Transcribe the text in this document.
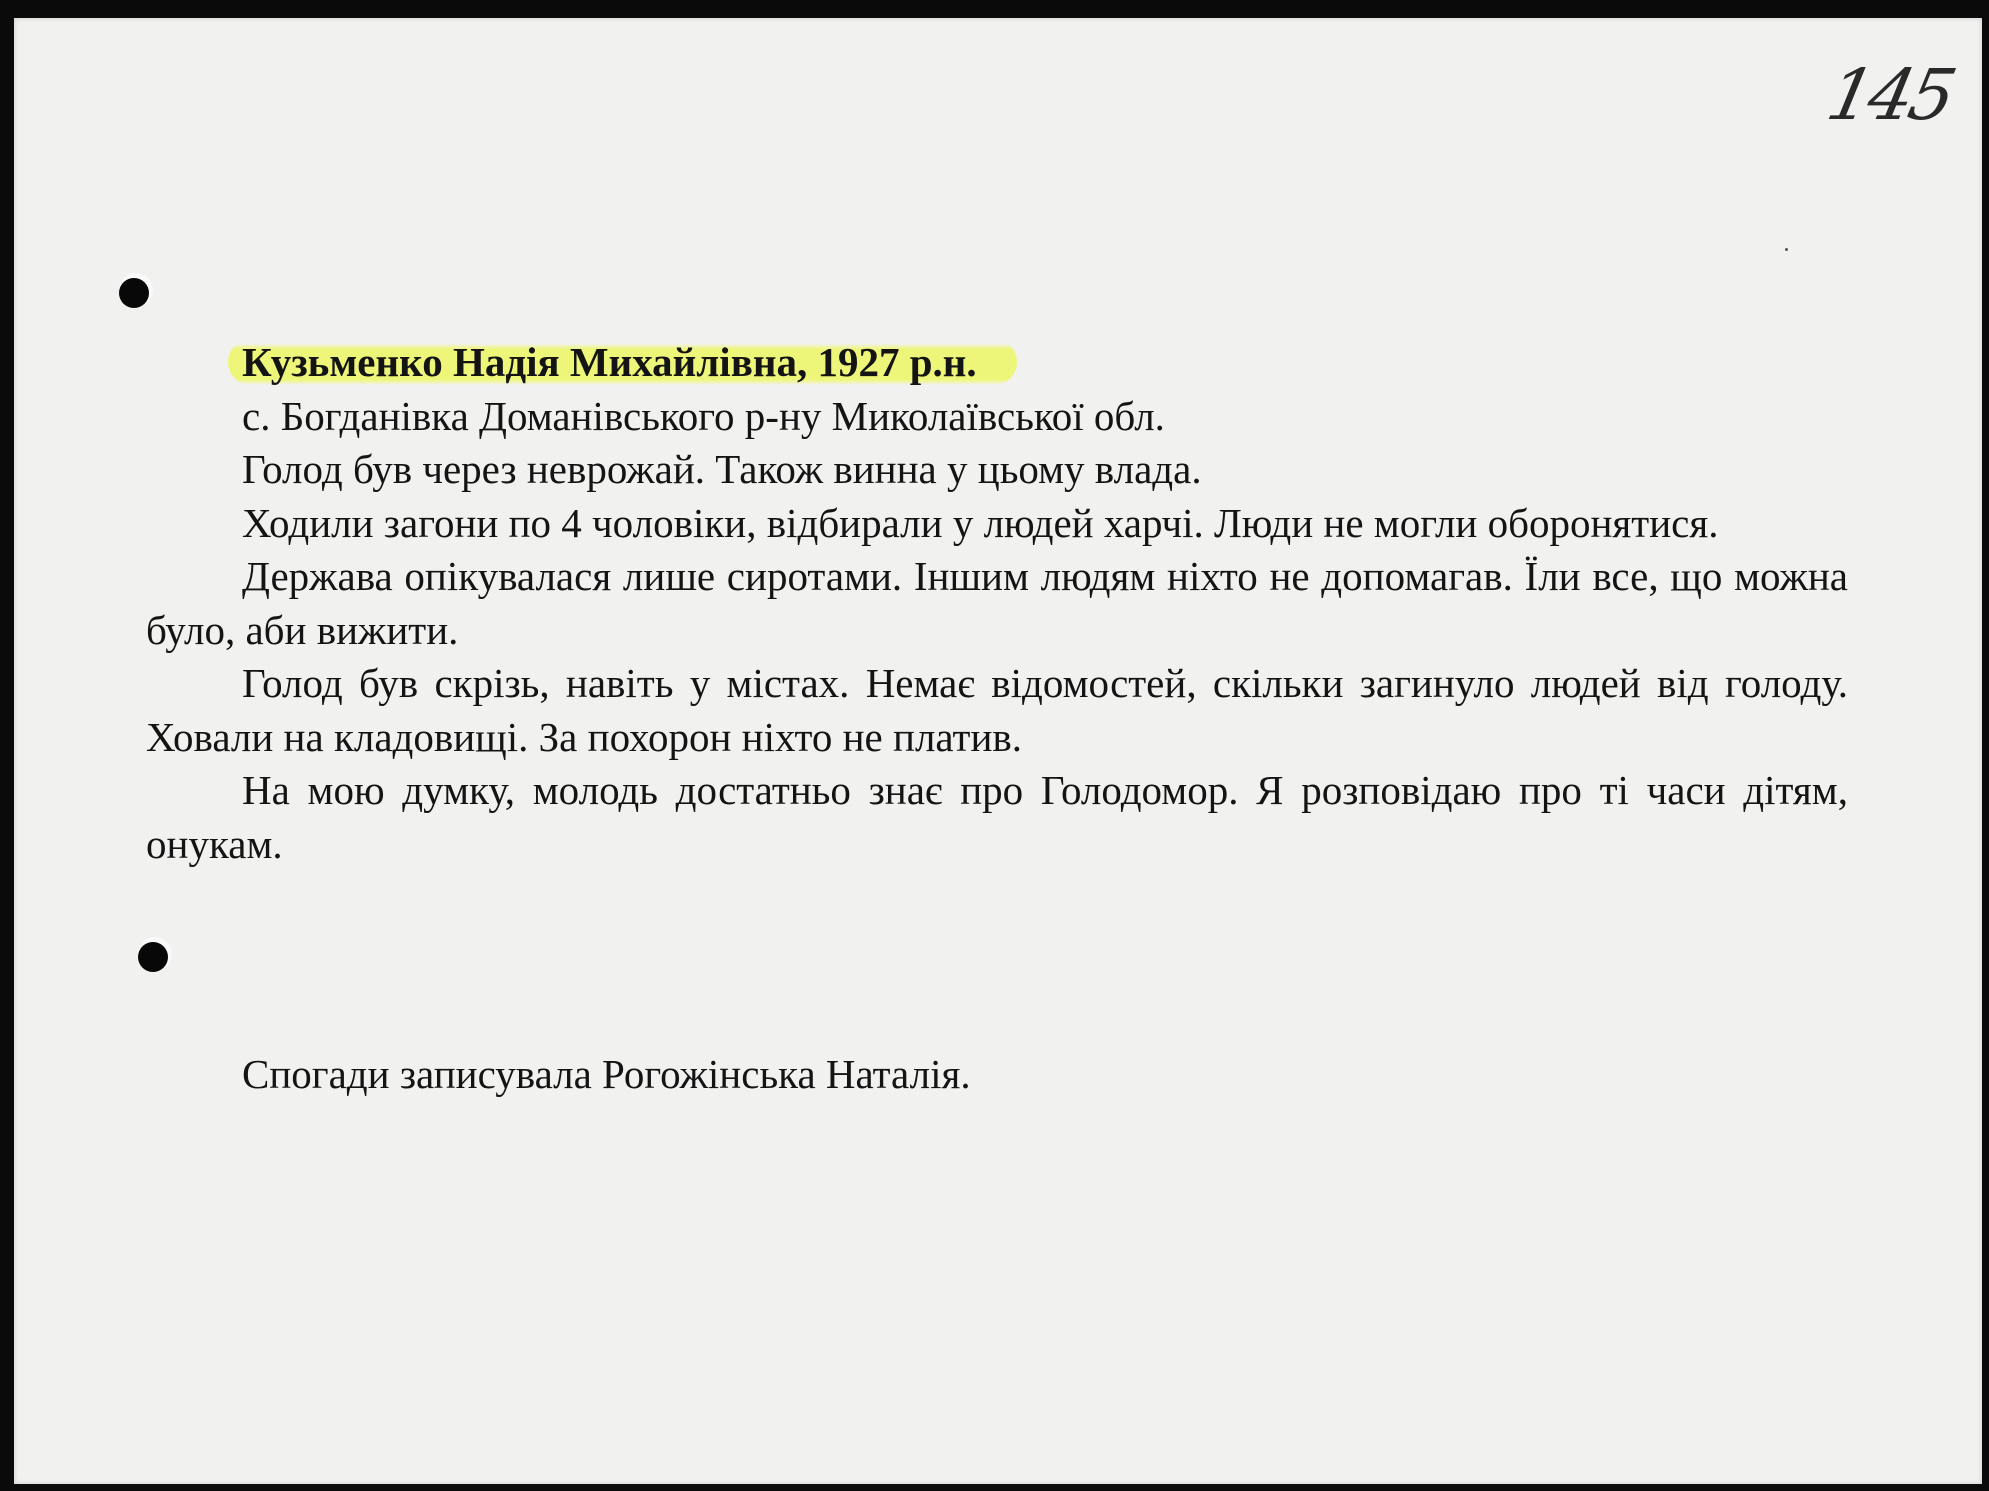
145

Кузьменко Надія Михайлівна, 1927 р.н.

с. Богданівка Доманівського р-ну Миколаївської обл.

Голод був через неврожай. Також винна у цьому влада.

Ходили загони по 4 чоловіки, відбирали у людей харчі. Люди не могли оборонятися.

Держава опікувалася лише сиротами. Іншим людям ніхто не допомагав. Їли все, що можна було, аби вижити.

Голод був скрізь, навіть у містах. Немає відомостей, скільки загинуло людей від голоду. Ховали на кладовищі. За похорон ніхто не платив.

На мою думку, молодь достатньо знає про Голодомор. Я розповідаю про ті часи дітям, онукам.

Спогади записувала Рогожінська Наталія.
